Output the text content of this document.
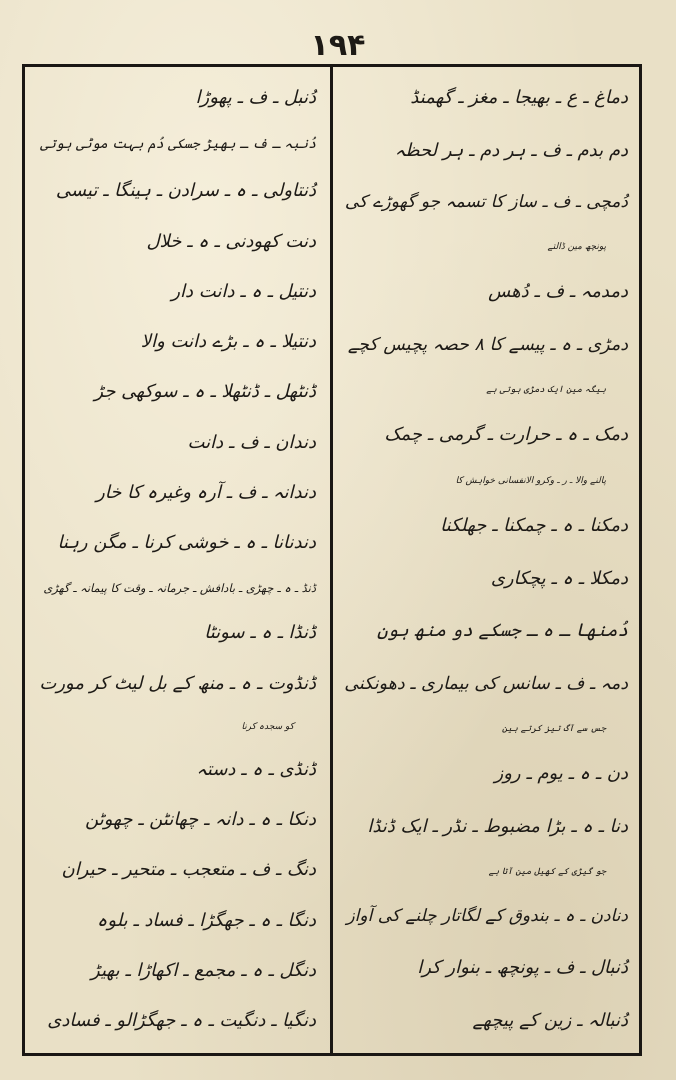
۱۹۴
دماغ ـ ع ـ بھیجا ـ مغز ـ گھمنڈ
دم بدم ـ ف ـ ہر دم ـ ہر لحظہ
دُمچی ـ ف ـ ساز کا تسمہ جو گھوڑے کی
پونچھ مین ڈالتے
دمدمہ ـ ف ـ دُھس
دمڑی ـ ہ ـ پیسے کا ۸ حصہ پچیس کچے
بیگہ مین ایک دمڑی ہوتی ہے
دمک ـ ہ ـ حرارت ـ گرمی ـ چمک
پالنے والا ـ ر ـ وکرو الانفسانی خواہش کا
دمکنا ـ ہ ـ چمکنا ـ جھلکنا
دمکلا ـ ہ ـ پچکاری
دُمنھا ـ ہ ـ جسکے دو منھ ہون
دمہ ـ ف ـ سانس کی بیماری ـ دھونکنی
جس سے آگ تیز کرتے ہین
دن ـ ہ ـ یوم ـ روز
دنا ـ ہ ـ بڑا مضبوط ـ نڈر ـ ایک ڈنڈا
جو گیڑی کے کھیل مین آتا ہے
دنادن ـ ہ ـ بندوق کے لگاتار چلنے کی آواز
دُنبال ـ ف ـ پونچھ ـ بنوار کرا
دُنبالہ ـ زین کے پیچھے
دُنبل ـ ف ـ پھوڑا
دُنبہ ـ ف ـ بھیڑ جسکی دُم بہت موٹی ہوتی
دُنتاولی ـ ہ ـ سرادن ـ ہینگا ـ تیسی
دنت کھودنی ـ ہ ـ خلال
دنتیل ـ ہ ـ دانت دار
دنتیلا ـ ہ ـ بڑے دانت والا
ڈنٹھل ـ ڈنٹھلا ـ ہ ـ سوکھی جڑ
دندان ـ ف ـ دانت
دندانہ ـ ف ـ آرہ وغیرہ کا خار
دندنانا ـ ہ ـ خوشی کرنا ـ مگن رہنا
ڈنڈ ـ ہ ـ چھڑی ـ بادافش ـ جرمانہ ـ وقت کا پیمانہ ـ گھڑی
ڈنڈا ـ ہ ـ سونٹا
ڈنڈوت ـ ہ ـ منھ کے بل لیٹ کر مورت
کو سجدہ کرنا
ڈنڈی ـ ہ ـ دستہ
دنکا ـ ہ ـ دانہ ـ چھانٹن ـ چھوٹن
دنگ ـ ف ـ متعجب ـ متحیر ـ حیران
دنگا ـ ہ ـ جھگڑا ـ فساد ـ بلوہ
دنگل ـ ہ ـ مجمع ـ اکھاڑا ـ بھیڑ
دنگیا ـ دنگیت ـ ہ ـ جھگڑالو ـ فسادی
